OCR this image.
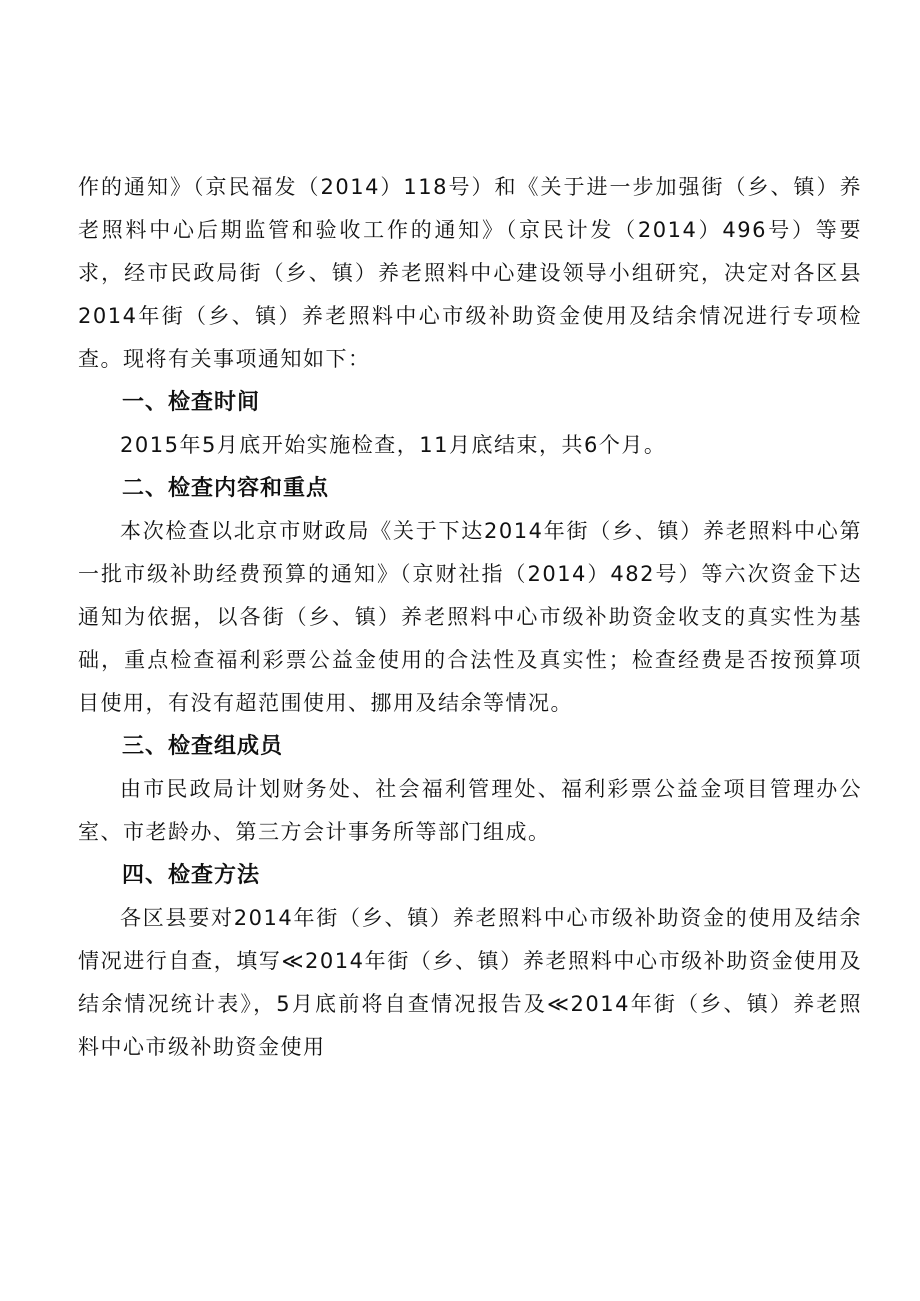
作的通知》（京民福发（2014）118号）和《关于进一步加强街（乡、镇）养老照料中心后期监管和验收工作的通知》（京民计发（2014）496号）等要求，经市民政局街（乡、镇）养老照料中心建设领导小组研究，决定对各区县2014年街（乡、镇）养老照料中心市级补助资金使用及结余情况进行专项检查。现将有关事项通知如下：

一、检查时间

2015年5月底开始实施检查，11月底结束，共6个月。

二、检查内容和重点

本次检查以北京市财政局《关于下达2014年街（乡、镇）养老照料中心第一批市级补助经费预算的通知》（京财社指（2014）482号）等六次资金下达通知为依据，以各街（乡、镇）养老照料中心市级补助资金收支的真实性为基础，重点检查福利彩票公益金使用的合法性及真实性；检查经费是否按预算项目使用，有没有超范围使用、挪用及结余等情况。

三、检查组成员

由市民政局计划财务处、社会福利管理处、福利彩票公益金项目管理办公室、市老龄办、第三方会计事务所等部门组成。

四、检查方法

各区县要对2014年街（乡、镇）养老照料中心市级补助资金的使用及结余情况进行自查，填写≪2014年街（乡、镇）养老照料中心市级补助资金使用及结余情况统计表》，5月底前将自查情况报告及≪2014年街（乡、镇）养老照料中心市级补助资金使用
